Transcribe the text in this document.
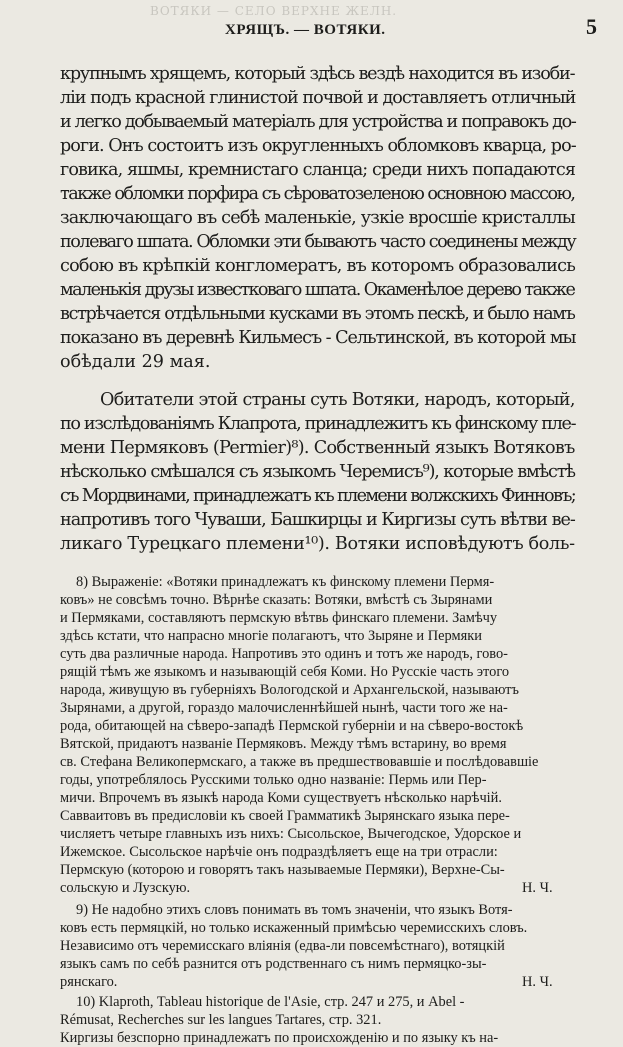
ВОТЯКИ — СЕЛО ВЕРХНЕ ЖЕЛН.
ХРЯЩЪ. — ВОТЯКИ.	5
крупнымъ хрящемъ, который здѣсь вездѣ находится въ изоби-
ліи подъ красной глинистой почвой и доставляетъ отличный
и легко добываемый матеріалъ для устройства и поправокъ до-
роги. Онъ состоитъ изъ округленныхъ обломковъ кварца, ро-
говика, яшмы, кремнистаго сланца; среди нихъ попадаются
также обломки порфира съ сѣроватозеленою основною массою,
заключающаго въ себѣ маленькіе, узкіе вросшіе кристаллы
полеваго шпата. Обломки эти бываютъ часто соединены между
собою въ крѣпкій конгломератъ, въ которомъ образовались
маленькія друзы известковаго шпата. Окаменѣлое дерево также
встрѣчается отдѣльными кусками въ этомъ пескѣ, и было намъ
показано въ деревнѣ Кильмесъ - Сельтинской, въ которой мы
обѣдали 29 мая.
Обитатели этой страны суть Вотяки, народъ, который,
по изслѣдованіямъ Клапрота, принадлежитъ къ финскому пле-
мени Пермяковъ (Permier)⁸). Собственный языкъ Вотяковъ
нѣсколько смѣшался съ языкомъ Черемисъ⁹), которые вмѣстѣ
съ Мордвинами, принадлежатъ къ племени волжскихъ Финновъ;
напротивъ того Чуваши, Башкирцы и Киргизы суть вѣтви ве-
ликаго Турецкаго племени¹⁰). Вотяки исповѣдуютъ боль-
8) Выраженіе: «Вотяки принадлежатъ къ финскому племени Пермя-
ковъ» не совсѣмъ точно. Вѣрнѣе сказать: Вотяки, вмѣстѣ съ Зырянами
и Пермяками, составляютъ пермскую вѣтвь финскаго племени. Замѣчу
здѣсь кстати, что напрасно многіе полагаютъ, что Зыряне и Пермяки
суть два различные народа. Напротивъ это одинъ и тотъ же народъ, гово-
рящій тѣмъ же языкомъ и называющій себя Коми. Но Русскіе часть этого
народа, живущую въ губерніяхъ Вологодской и Архангельской, называютъ
Зырянами, а другой, гораздо малочисленнѣйшей нынѣ, части того же на-
рода, обитающей на сѣверо-западѣ Пермской губерніи и на сѣверо-востокѣ
Вятской, придаютъ названіе Пермяковъ. Между тѣмъ встарину, во время
св. Стефана Великопермскаго, а также въ предшествовавшіе и послѣдовавшіе
годы, употреблялось Русскими только одно названіе: Пермь или Пер-
мичи. Впрочемъ въ языкѣ народа Коми существуетъ нѣсколько нарѣчій.
Савваитовъ въ предисловіи къ своей Грамматикѣ Зырянскаго языка пере-
числяетъ четыре главныхъ изъ нихъ: Сысольское, Вычегодское, Удорское и
Ижемское. Сысольское нарѣчіе онъ подраздѣляетъ еще на три отрасли:
Пермскую (которою и говорятъ такъ называемые Пермяки), Верхне-Сы-
сольскую и Лузскую.	Н. Ч.
9) Не надобно этихъ словъ понимать въ томъ значеніи, что языкъ Вотя-
ковъ есть пермяцкій, но только искаженный примѣсью черемисскихъ словъ.
Независимо отъ черемисскаго вліянія (едва-ли повсемѣстнаго), вотяцкій
языкъ самъ по себѣ разнится отъ родственнаго съ нимъ пермяцко-зы-
рянскаго.	Н. Ч.
10) Klaproth, Tableau historique de l'Asie, стр. 247 и 275, и Abel -
Rémusat, Recherches sur les langues Tartares, стр. 321.
Киргизы безспорно принадлежатъ по происхожденію и по языку къ на-
